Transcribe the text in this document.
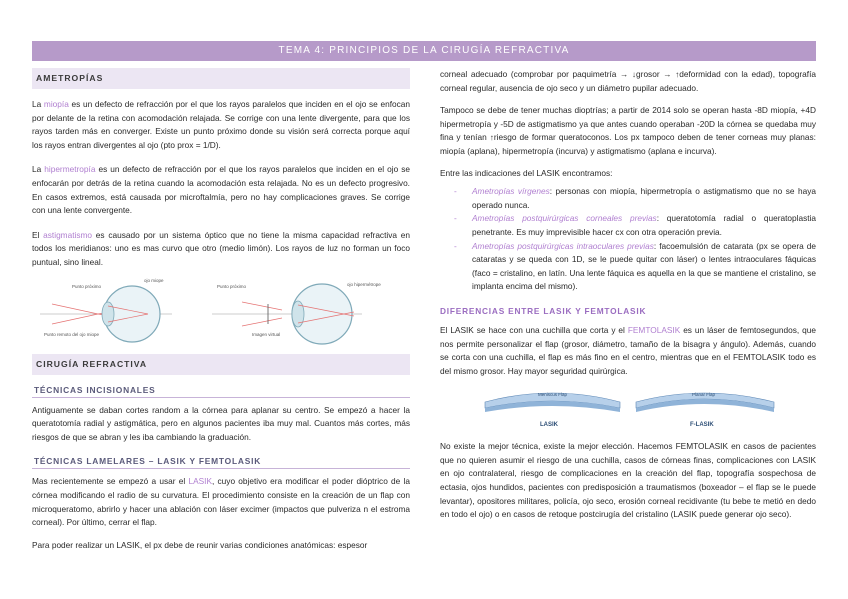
TEMA 4: PRINCIPIOS DE LA CIRUGÍA REFRACTIVA
AMETROPÍAS

La miopía es un defecto de refracción por el que los rayos paralelos que inciden en el ojo se enfocan por delante de la retina con acomodación relajada. Se corrige con una lente divergente, para que los rayos tarden más en converger. Existe un punto próximo donde su visión será correcta porque aquí los rayos entran divergentes al ojo (pto prox = 1/D).

La hipermetropía es un defecto de refracción por el que los rayos paralelos que inciden en el ojo se enfocarán por detrás de la retina cuando la acomodación esta relajada. No es un defecto progresivo. En casos extremos, está causada por microftalmía, pero no hay complicaciones graves. Se corrige con una lente convergente.

El astigmatismo es causado por un sistema óptico que no tiene la misma capacidad refractiva en todos los meridianos: uno es mas curvo que otro (medio limón). Los rayos de luz no forman un foco puntual, sino lineal.

Punto próximo
Punto remoto del ojo miope
ojo miope
Punto próximo	ojo hipermétrope
Imagen virtual
CIRUGÍA REFRACTIVA
TÉCNICAS INCISIONALES

Antiguamente se daban cortes random a la córnea para aplanar su centro. Se empezó a hacer la queratotomía radial y astigmática, pero en algunos pacientes iba muy mal. Cuantos más cortes, más riesgos de que se abran y les iba cambiando la graduación.

TÉCNICAS LAMELARES – LASIK Y FEMTOLASIK

Mas recientemente se empezó a usar el LASIK, cuyo objetivo era modificar el poder dióptrico de la córnea modificando el radio de su curvatura. El procedimiento consiste en la creación de un flap con microqueratomo, abrirlo y hacer una ablación con láser excimer (impactos que pulveriza n el estroma corneal). Por último, cerrar el flap.

Para poder realizar un LASIK, el px debe de reunir varias condiciones anatómicas: espesor

corneal adecuado (comprobar por paquimetría → ↓grosor → ↑deformidad con la edad), topografía corneal regular, ausencia de ojo seco y un diámetro pupilar adecuado.

Tampoco se debe de tener muchas dioptrías; a partir de 2014 solo se operan hasta -8D miopía, +4D hipermetropía y -5D de astigmatismo ya que antes cuando operaban -20D la córnea se quedaba muy fina y tenían ↑riesgo de formar queratoconos. Los px tampoco deben de tener corneas muy planas: miopía (aplana), hipermetropía (incurva) y astigmatismo (aplana e incurva).

Entre las indicaciones del LASIK encontramos:

- Ametropías vírgenes: personas con miopía, hipermetropía o astigmatismo que no se haya operado nunca.
- Ametropías postquirúrgicas corneales previas: queratotomía radial o queratoplastia penetrante. Es muy imprevisible hacer cx con otra operación previa.
- Ametropías postquirúrgicas intraoculares previas: facoemulsión de catarata (px se opera de cataratas y se queda con 1D, se le puede quitar con láser) o lentes intraoculares fáquicas (faco = cristalino, en latín. Una lente fáquica es aquella en la que se mantiene el cristalino, se implanta encima del mismo).
DIFERENCIAS ENTRE LASIK Y FEMTOLASIK

El LASIK se hace con una cuchilla que corta y el FEMTOLASIK es un láser de femtosegundos, que nos permite personalizar el flap (grosor, diámetro, tamaño de la bisagra y ángulo). Además, cuando se corta con una cuchilla, el flap es más fino en el centro, mientras que en el FEMTOLASIK todo es del mismo grosor. Hay mayor seguridad quirúrgica.

Meniscus Flap
LASIK
Planar Flap
F-LASIK

No existe la mejor técnica, existe la mejor elección. Hacemos FEMTOLASIK en casos de pacientes que no quieren asumir el riesgo de una cuchilla, casos de córneas finas, complicaciones con LASIK en ojo contralateral, riesgo de complicaciones en la creación del flap, topografía sospechosa de ectasia, ojos hundidos, pacientes con predisposición a traumatismos (boxeador – el flap se le puede levantar), opositores militares, policía, ojo seco, erosión corneal recidivante (tu bebe te metió en dedo en todo el ojo) o en casos de retoque postcirugía del cristalino (LASIK puede generar ojo seco).
